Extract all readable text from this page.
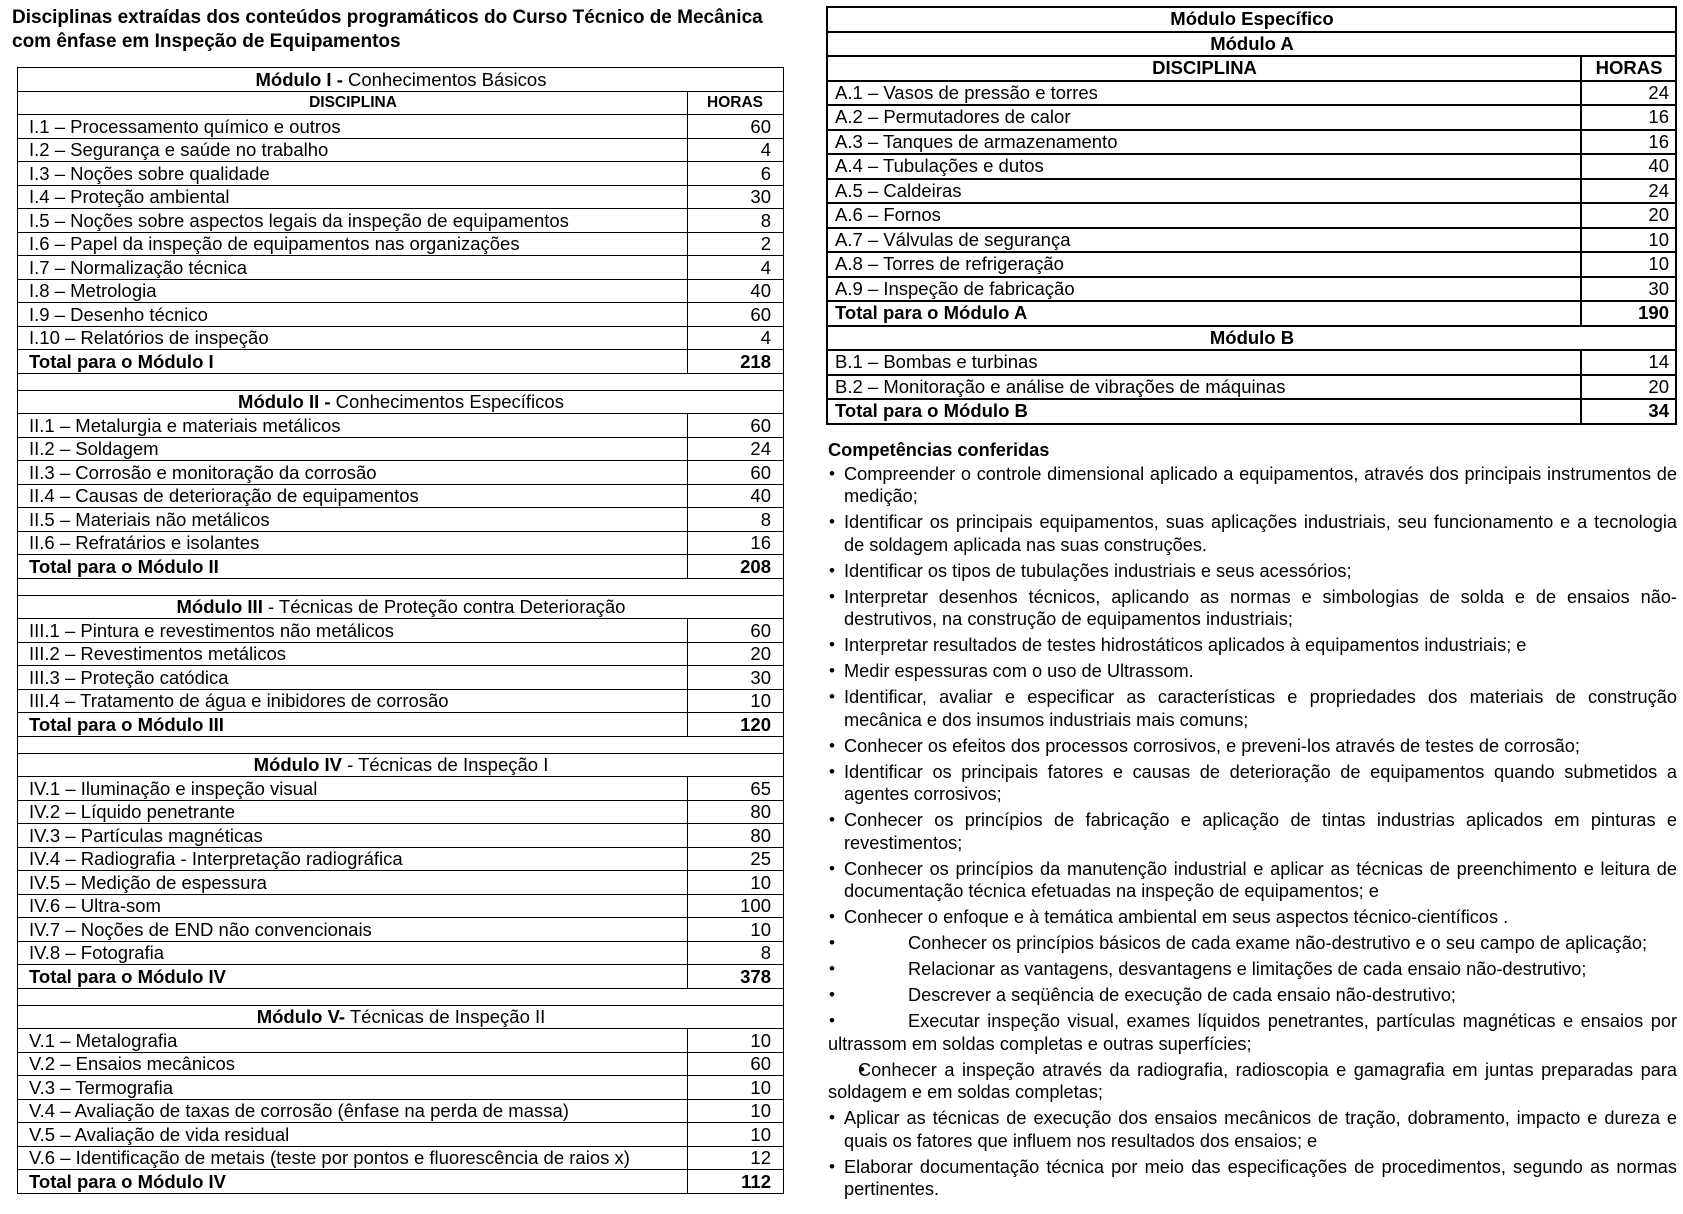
Disciplinas extraídas dos conteúdos programáticos do Curso Técnico de Mecânica
com ênfase em Inspeção de Equipamentos
Módulo I - Conhecimentos Básicos	
DISCIPLINA	HORAS
I.1 – Processamento químico e outros	60
I.2 – Segurança e saúde no trabalho	4
I.3 – Noções sobre qualidade	6
I.4 – Proteção ambiental	30
I.5 – Noções sobre aspectos legais da inspeção de equipamentos	8
I.6 – Papel da inspeção de equipamentos nas organizações	2
I.7 – Normalização técnica	4
I.8 – Metrologia	40
I.9 – Desenho técnico	60
I.10 – Relatórios de inspeção	4
Total para o Módulo I	218

Módulo II - Conhecimentos Específicos	
II.1 – Metalurgia e materiais metálicos	60
II.2 – Soldagem	24
II.3 – Corrosão e monitoração da corrosão	60
II.4 – Causas de deterioração de equipamentos	40
II.5 – Materiais não metálicos	8
II.6 – Refratários e isolantes	16
Total para o Módulo II	208

Módulo III - Técnicas de Proteção contra Deterioração	
III.1 – Pintura e revestimentos não metálicos	60
III.2 – Revestimentos metálicos	20
III.3 – Proteção catódica	30
III.4 – Tratamento de água e inibidores de corrosão	10
Total para o Módulo III	120

Módulo IV - Técnicas de Inspeção I	
IV.1 – Iluminação e inspeção visual	65
IV.2 – Líquido penetrante	80
IV.3 – Partículas magnéticas	80
IV.4 – Radiografia - Interpretação radiográfica	25
IV.5 – Medição de espessura	10
IV.6 – Ultra-som	100
IV.7 – Noções de END não convencionais	10
IV.8 – Fotografia	8
Total para o Módulo IV	378

Módulo V- Técnicas de Inspeção II	
V.1 – Metalografia	10
V.2 – Ensaios mecânicos	60
V.3 – Termografia	10
V.4 – Avaliação de taxas de corrosão (ênfase na perda de massa)	10
V.5 – Avaliação de vida residual	10
V.6 – Identificação de metais (teste por pontos e fluorescência de raios x)	12
Total para o Módulo IV	112
Módulo Específico	
Módulo A	
DISCIPLINA	HORAS
A.1 – Vasos de pressão e torres	24
A.2 – Permutadores de calor	16
A.3 – Tanques de armazenamento	16
A.4 – Tubulações e dutos	40
A.5 – Caldeiras	24
A.6 – Fornos	20
A.7 – Válvulas de segurança	10
A.8 – Torres de refrigeração	10
A.9 – Inspeção de fabricação	30
Total para o Módulo A	190
Módulo B	
B.1 – Bombas e turbinas	14
B.2 – Monitoração e análise de vibrações de máquinas	20
Total para o Módulo B	34
Competências conferidas
• Compreender o controle dimensional aplicado a equipamentos, através dos principais instrumentos de medição;
• Identificar os principais equipamentos, suas aplicações industriais, seu funcionamento e a tecnologia de soldagem aplicada nas suas construções.
• Identificar os tipos de tubulações industriais e seus acessórios;
• Interpretar desenhos técnicos, aplicando as normas e simbologias de solda e de ensaios não-destrutivos, na construção de equipamentos industriais;
• Interpretar resultados de testes hidrostáticos aplicados à equipamentos industriais; e
• Medir espessuras com o uso de Ultrassom.
• Identificar, avaliar e especificar as características e propriedades dos materiais de construção mecânica e dos insumos industriais mais comuns;
• Conhecer os efeitos dos processos corrosivos, e preveni-los através de testes de corrosão;
• Identificar os principais fatores e causas de deterioração de equipamentos quando submetidos a agentes corrosivos;
• Conhecer os princípios de fabricação e aplicação de tintas industrias aplicados em pinturas e revestimentos;
• Conhecer os princípios da manutenção industrial e aplicar as técnicas de preenchimento e leitura de documentação técnica efetuadas na inspeção de equipamentos; e
• Conhecer o enfoque e à temática ambiental em seus aspectos técnico-científicos .
• Conhecer os princípios básicos de cada exame não-destrutivo e o seu campo de aplicação;
• Relacionar as vantagens, desvantagens e limitações de cada ensaio não-destrutivo;
• Descrever a seqüência de execução de cada ensaio não-destrutivo;
• Executar inspeção visual, exames líquidos penetrantes, partículas magnéticas e ensaios por ultrassom em soldas completas e outras superfícies;
• Conhecer a inspeção através da radiografia, radioscopia e gamagrafia em juntas preparadas para soldagem e em soldas completas;
• Aplicar as técnicas de execução dos ensaios mecânicos de tração, dobramento, impacto e dureza e quais os fatores que influem nos resultados dos ensaios; e
• Elaborar documentação técnica por meio das especificações de procedimentos, segundo as normas pertinentes.
